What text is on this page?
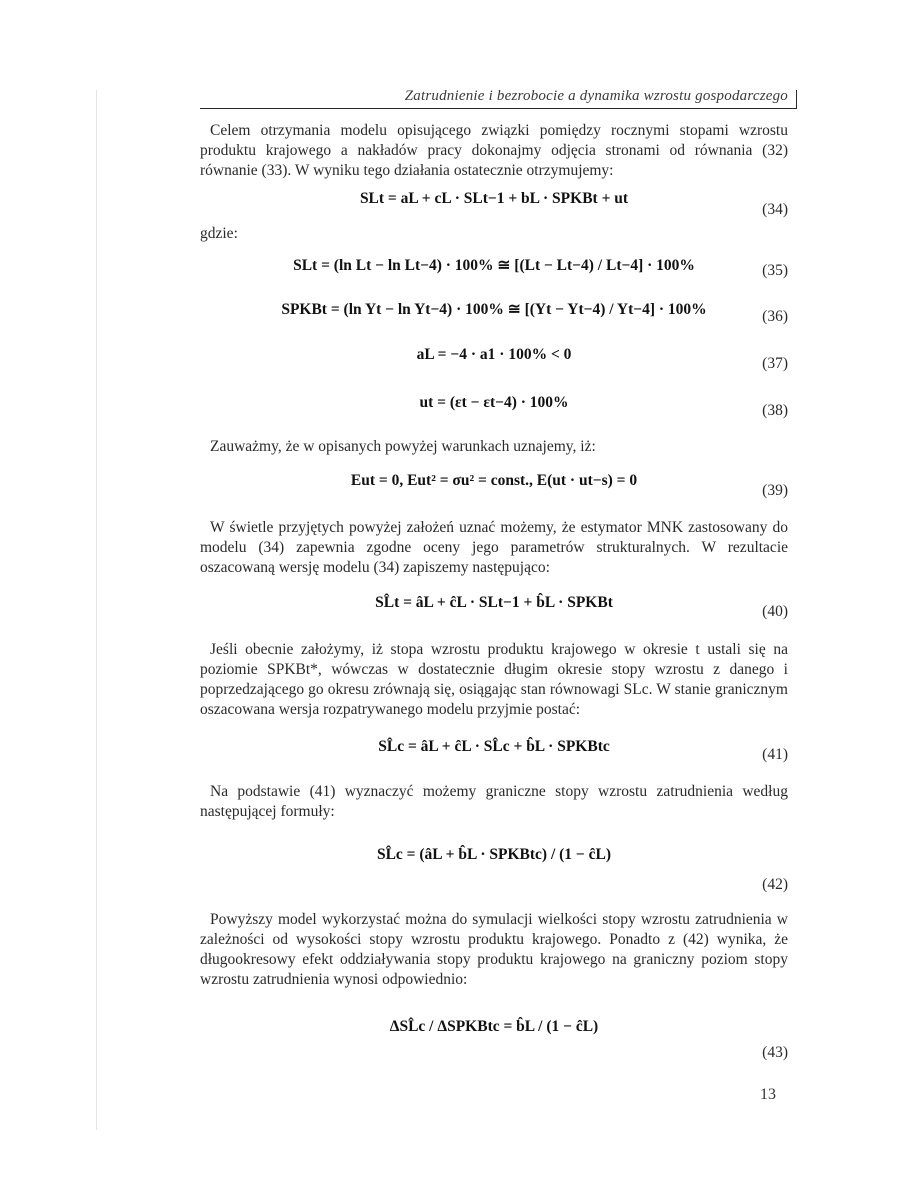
Zatrudnienie i bezrobocie a dynamika wzrostu gospodarczego
Celem otrzymania modelu opisującego związki pomiędzy rocznymi stopami wzrostu produktu krajowego a nakładów pracy dokonajmy odjęcia stronami od równania (32) równanie (33). W wyniku tego działania ostatecznie otrzymujemy:
SLt = aL + cL · SLt−1 + bL · SPKBt + ut
(34)
gdzie:
SLt = (ln Lt − ln Lt−4) · 100% ≅ [(Lt − Lt−4) / Lt−4] · 100%	(35)
SPKBt = (ln Yt − ln Yt−4) · 100% ≅ [(Yt − Yt−4) / Yt−4] · 100%	(36)
aL = −4 · a1 · 100% < 0
(37)
ut = (εt − εt−4) · 100%	(38)
Zauważmy, że w opisanych powyżej warunkach uznajemy, iż:
Eut = 0, Eut² = σu² = const., E(ut · ut−s) = 0
(39)
W świetle przyjętych powyżej założeń uznać możemy, że estymator MNK zastosowany do modelu (34) zapewnia zgodne oceny jego parametrów strukturalnych. W rezultacie oszacowaną wersję modelu (34) zapiszemy następująco:
SL̂t = âL + ĉL · SLt−1 + b̂L · SPKBt
(40)
Jeśli obecnie założymy, iż stopa wzrostu produktu krajowego w okresie t ustali się na poziomie SPKBt*, wówczas w dostatecznie długim okresie stopy wzrostu z danego i poprzedzającego go okresu zrównają się, osiągając stan równowagi SLc. W stanie granicznym oszacowana wersja rozpatrywanego modelu przyjmie postać:
SL̂c = âL + ĉL · SL̂c + b̂L · SPKBtc	(41)
Na podstawie (41) wyznaczyć możemy graniczne stopy wzrostu zatrudnienia według następującej formuły:
SL̂c = (âL + b̂L · SPKBtc) / (1 − ĉL)
(42)
Powyższy model wykorzystać można do symulacji wielkości stopy wzrostu zatrudnienia w zależności od wysokości stopy wzrostu produktu krajowego. Ponadto z (42) wynika, że długookresowy efekt oddziaływania stopy produktu krajowego na graniczny poziom stopy wzrostu zatrudnienia wynosi odpowiednio:
ΔSL̂c / ΔSPKBtc = b̂L / (1 − ĉL)
(43)
13
